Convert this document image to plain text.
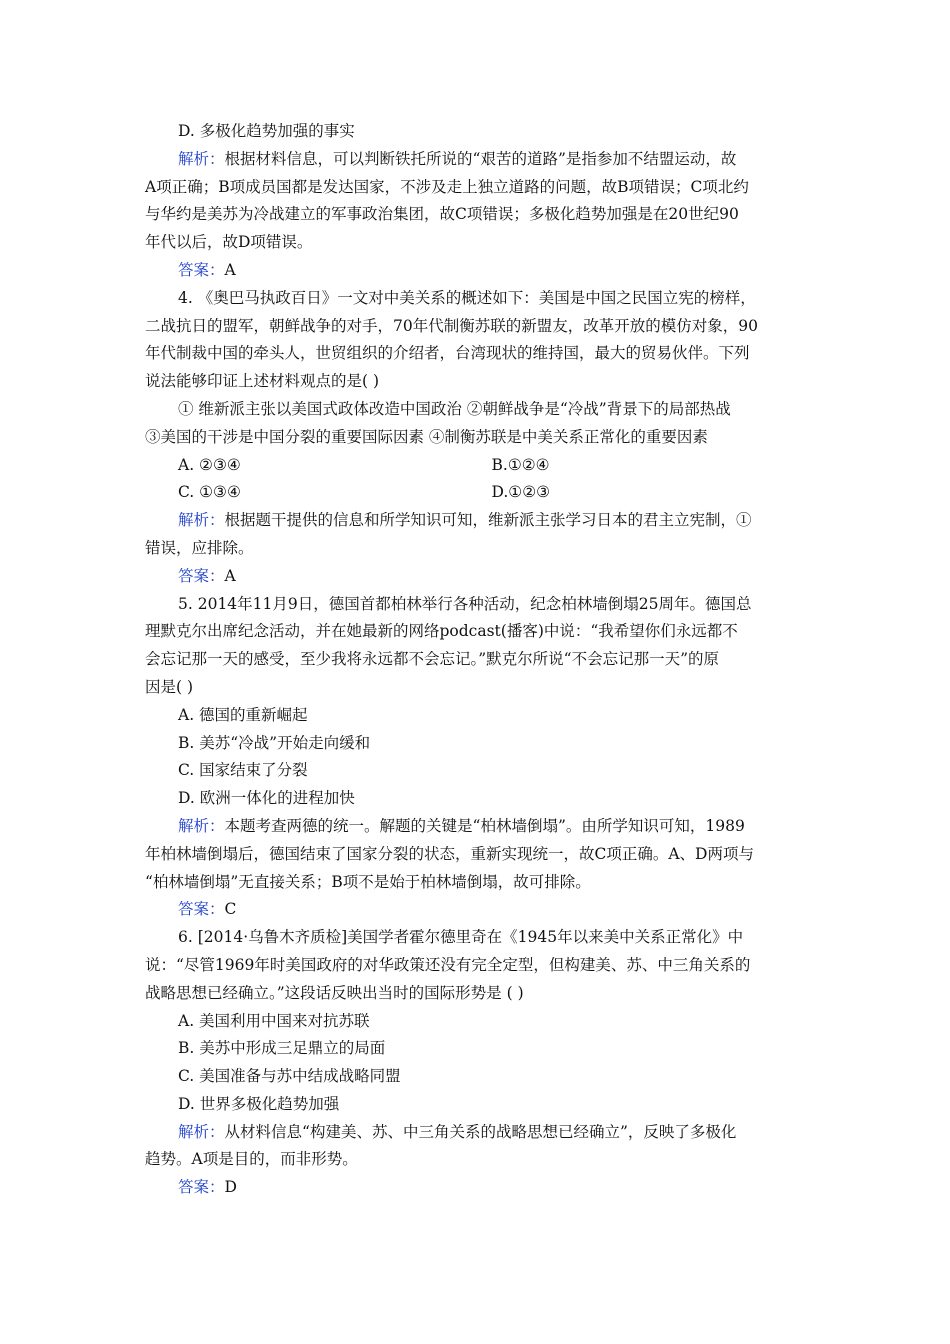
D. 多极化趋势加强的事实
解析：根据材料信息，可以判断铁托所说的“艰苦的道路”是指参加不结盟运动，故
A项正确；B项成员国都是发达国家，不涉及走上独立道路的问题，故B项错误；C项北约
与华约是美苏为冷战建立的军事政治集团，故C项错误；多极化趋势加强是在20世纪90
年代以后，故D项错误。
答案：A
4. 《奥巴马执政百日》一文对中美关系的概述如下：美国是中国之民国立宪的榜样，
二战抗日的盟军，朝鲜战争的对手，70年代制衡苏联的新盟友，改革开放的模仿对象，90
年代制裁中国的牵头人，世贸组织的介绍者，台湾现状的维持国，最大的贸易伙伴。下列
说法能够印证上述材料观点的是( )
① 维新派主张以美国式政体改造中国政治 ②朝鲜战争是“冷战”背景下的局部热战
③美国的干涉是中国分裂的重要国际因素 ④制衡苏联是中美关系正常化的重要因素
A. ②③④	B.①②④
C. ①③④	D.①②③
解析：根据题干提供的信息和所学知识可知，维新派主张学习日本的君主立宪制，①
错误，应排除。
答案：A
5. 2014年11月9日，德国首都柏林举行各种活动，纪念柏林墙倒塌25周年。德国总
理默克尔出席纪念活动，并在她最新的网络podcast(播客)中说：“我希望你们永远都不
会忘记那一天的感受，至少我将永远都不会忘记。”默克尔所说“不会忘记那一天”的原
因是( )
A. 德国的重新崛起
B. 美苏“冷战”开始走向缓和
C. 国家结束了分裂
D. 欧洲一体化的进程加快
解析：本题考查两德的统一。解题的关键是“柏林墙倒塌”。由所学知识可知，1989
年柏林墙倒塌后，德国结束了国家分裂的状态，重新实现统一，故C项正确。A、D两项与
“柏林墙倒塌”无直接关系；B项不是始于柏林墙倒塌，故可排除。
答案：C
6. [2014·乌鲁木齐质检]美国学者霍尔德里奇在《1945年以来美中关系正常化》中
说：“尽管1969年时美国政府的对华政策还没有完全定型，但构建美、苏、中三角关系的
战略思想已经确立。”这段话反映出当时的国际形势是 ( )
A. 美国利用中国来对抗苏联
B. 美苏中形成三足鼎立的局面
C. 美国准备与苏中结成战略同盟
D. 世界多极化趋势加强
解析：从材料信息“构建美、苏、中三角关系的战略思想已经确立”，反映了多极化
趋势。A项是目的，而非形势。
答案：D
